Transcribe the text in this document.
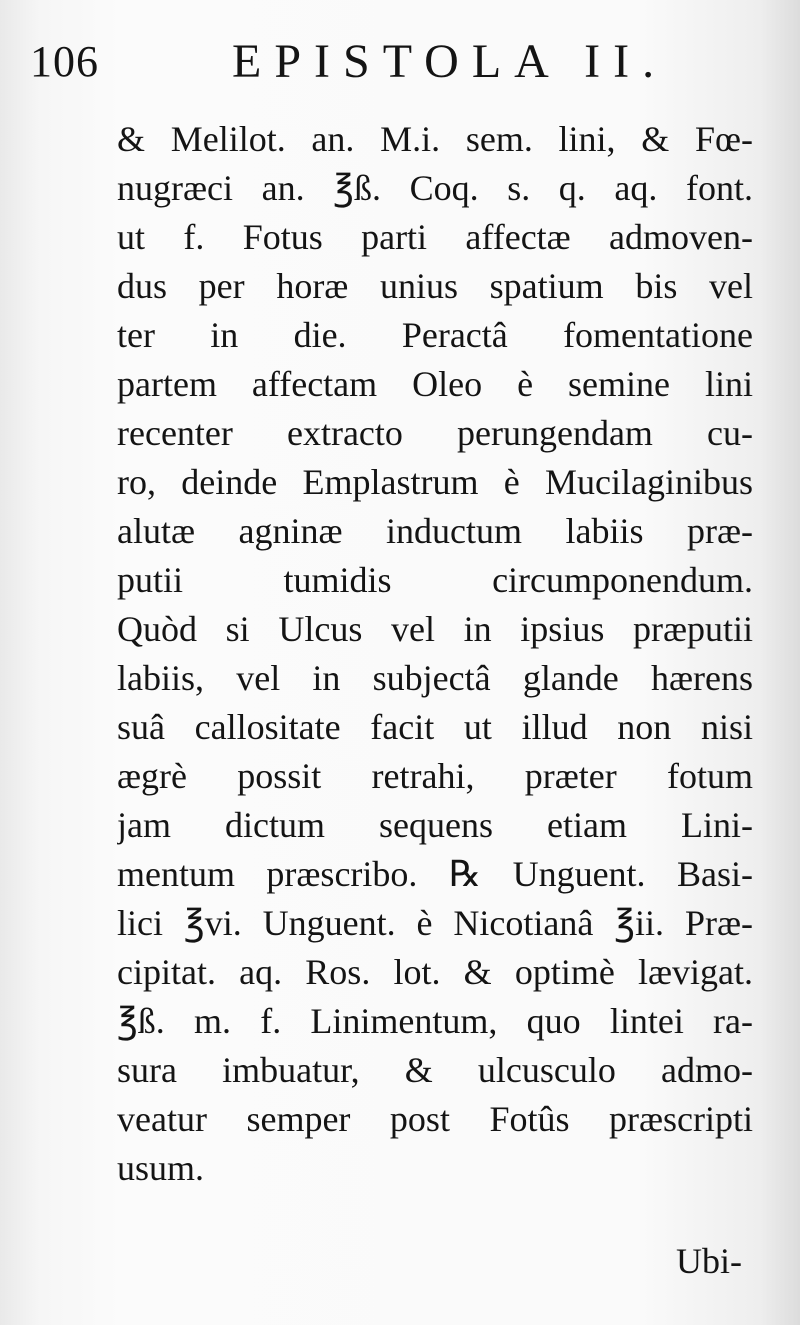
106	EPISTOLA II.
& Melilot. an. M.i. sem. lini, & Fœ-
nugræci an. ℥ß. Coq. s. q. aq. font.
ut f. Fotus parti affectæ admoven-
dus per horæ unius spatium bis vel
ter in die. Peractâ fomentatione
partem affectam Oleo è semine lini
recenter extracto perungendam cu-
ro, deinde Emplastrum è Mucilaginibus
alutæ agninæ inductum labiis præ-
putii tumidis circumponendum.
Quòd si Ulcus vel in ipsius præputii
labiis, vel in subjectâ glande hærens
suâ callositate facit ut illud non nisi
ægrè possit retrahi, præter fotum
jam dictum sequens etiam Lini-
mentum præscribo. ℞ Unguent. Basi-
lici ℥vi. Unguent. è Nicotianâ ℥ii. Præ-
cipitat. aq. Ros. lot. & optimè lævigat.
℥ß. m. f. Linimentum, quo lintei ra-
sura imbuatur, & ulcusculo admo-
veatur semper post Fotûs præscripti
usum.
Ubi-
